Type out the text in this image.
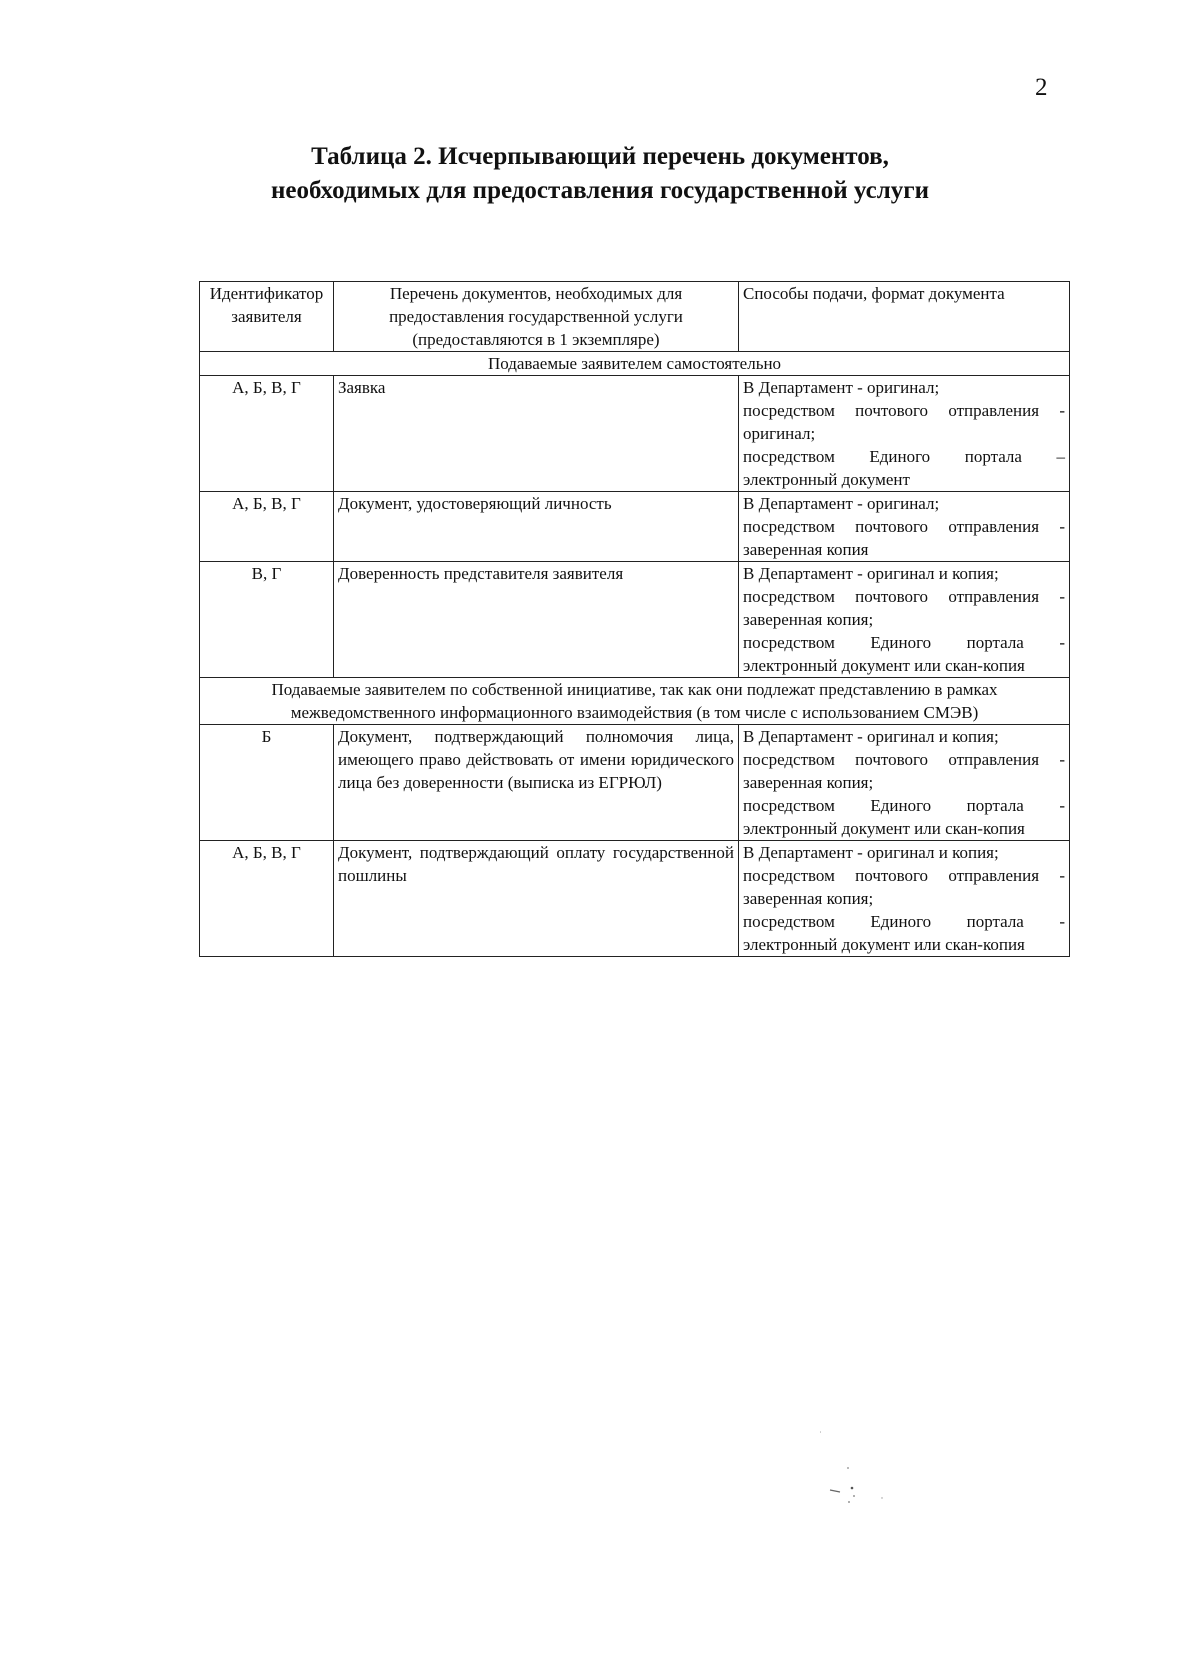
2
Таблица 2. Исчерпывающий перечень документов,
необходимых для предоставления государственной услуги
Идентификатор заявителя	Перечень документов, необходимых для предоставления государственной услуги (предоставляются в 1 экземпляре)	Способы подачи, формат документа
Подаваемые заявителем самостоятельно		
А, Б, В, Г	Заявка	В Департамент - оригинал;
посредством почтового отправления - оригинал;
посредством Единого портала – электронный документ

А, Б, В, Г	Документ, удостоверяющий личность	В Департамент - оригинал;
посредством почтового отправления - заверенная копия

В, Г	Доверенность представителя заявителя	В Департамент - оригинал и копия;
посредством почтового отправления - заверенная копия;
посредством Единого портала - электронный документ или скан-копия

Подаваемые заявителем по собственной инициативе, так как они подлежат представлению в рамках межведомственного информационного взаимодействия (в том числе с использованием СМЭВ)		
Б	Документ, подтверждающий полномочия лица, имеющего право действовать от имени юридического лица без доверенности (выписка из ЕГРЮЛ)	В Департамент - оригинал и копия;
посредством почтового отправления - заверенная копия;
посредством Единого портала - электронный документ или скан-копия

А, Б, В, Г	Документ, подтверждающий оплату государственной пошлины	В Департамент - оригинал и копия;
посредством почтового отправления - заверенная копия;
посредством Единого портала - электронный документ или скан-копия
